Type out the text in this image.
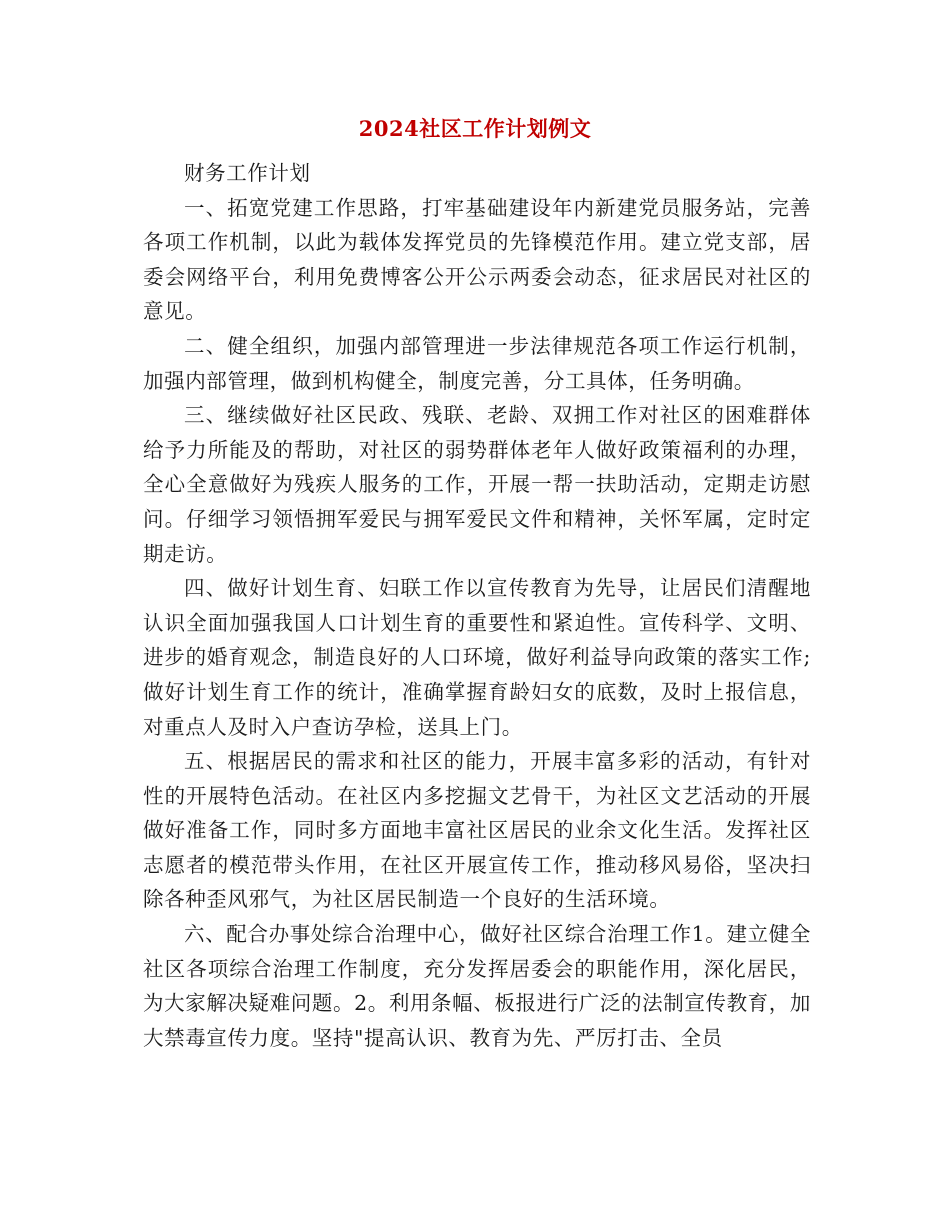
2024社区工作计划例文

财务工作计划

一、拓宽党建工作思路，打牢基础建设年内新建党员服务站，完善各项工作机制，以此为载体发挥党员的先锋模范作用。建立党支部，居委会网络平台，利用免费博客公开公示两委会动态，征求居民对社区的意见。

二、健全组织，加强内部管理进一步法律规范各项工作运行机制，加强内部管理，做到机构健全，制度完善，分工具体，任务明确。

三、继续做好社区民政、残联、老龄、双拥工作对社区的困难群体给予力所能及的帮助，对社区的弱势群体老年人做好政策福利的办理，全心全意做好为残疾人服务的工作，开展一帮一扶助活动，定期走访慰问。仔细学习领悟拥军爱民与拥军爱民文件和精神，关怀军属，定时定期走访。

四、做好计划生育、妇联工作以宣传教育为先导，让居民们清醒地认识全面加强我国人口计划生育的重要性和紧迫性。宣传科学、文明、进步的婚育观念，制造良好的人口环境，做好利益导向政策的落实工作;做好计划生育工作的统计，准确掌握育龄妇女的底数，及时上报信息，对重点人及时入户查访孕检，送具上门。

五、根据居民的需求和社区的能力，开展丰富多彩的活动，有针对性的开展特色活动。在社区内多挖掘文艺骨干，为社区文艺活动的开展做好准备工作，同时多方面地丰富社区居民的业余文化生活。发挥社区志愿者的模范带头作用，在社区开展宣传工作，推动移风易俗，坚决扫除各种歪风邪气，为社区居民制造一个良好的生活环境。

六、配合办事处综合治理中心，做好社区综合治理工作1。建立健全社区各项综合治理工作制度，充分发挥居委会的职能作用，深化居民，为大家解决疑难问题。2。利用条幅、板报进行广泛的法制宣传教育，加大禁毒宣传力度。坚持"提高认识、教育为先、严厉打击、全员
